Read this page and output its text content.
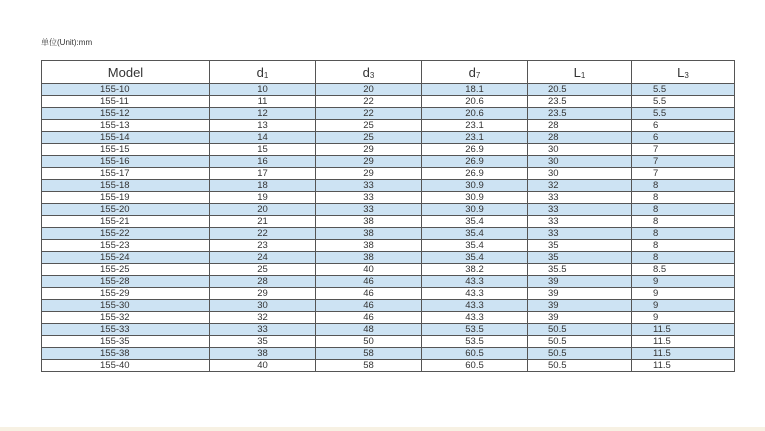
单位(Unit):mm
Model	d1	d3	d7	L1	L3
155-10	10	20	18.1	20.5	5.5
155-11	11	22	20.6	23.5	5.5
155-12	12	22	20.6	23.5	5.5
155-13	13	25	23.1	28	6
155-14	14	25	23.1	28	6
155-15	15	29	26.9	30	7
155-16	16	29	26.9	30	7
155-17	17	29	26.9	30	7
155-18	18	33	30.9	32	8
155-19	19	33	30.9	33	8
155-20	20	33	30.9	33	8
155-21	21	38	35.4	33	8
155-22	22	38	35.4	33	8
155-23	23	38	35.4	35	8
155-24	24	38	35.4	35	8
155-25	25	40	38.2	35.5	8.5
155-28	28	46	43.3	39	9
155-29	29	46	43.3	39	9
155-30	30	46	43.3	39	9
155-32	32	46	43.3	39	9
155-33	33	48	53.5	50.5	11.5
155-35	35	50	53.5	50.5	11.5
155-38	38	58	60.5	50.5	11.5
155-40	40	58	60.5	50.5	11.5
